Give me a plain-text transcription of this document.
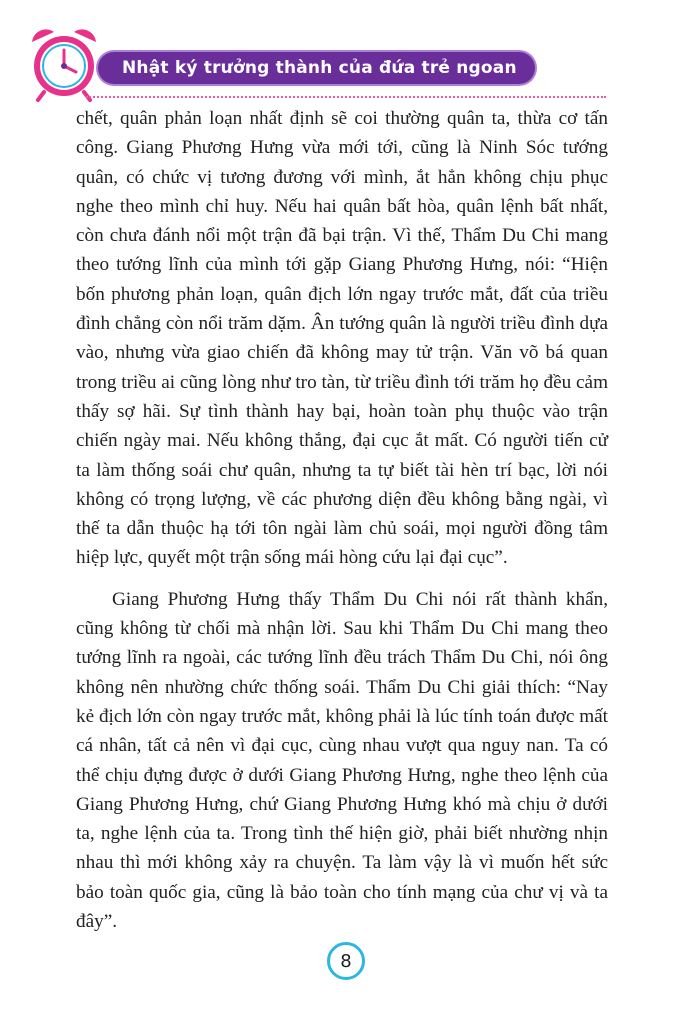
Nhật ký trưởng thành của đứa trẻ ngoan

chết, quân phản loạn nhất định sẽ coi thường quân ta, thừa cơ tấn công. Giang Phương Hưng vừa mới tới, cũng là Ninh Sóc tướng quân, có chức vị tương đương với mình, ắt hẳn không chịu phục nghe theo mình chỉ huy. Nếu hai quân bất hòa, quân lệnh bất nhất, còn chưa đánh nổi một trận đã bại trận. Vì thế, Thẩm Du Chi mang theo tướng lĩnh của mình tới gặp Giang Phương Hưng, nói: “Hiện bốn phương phản loạn, quân địch lớn ngay trước mắt, đất của triều đình chẳng còn nổi trăm dặm. Ân tướng quân là người triều đình dựa vào, nhưng vừa giao chiến đã không may tử trận. Văn võ bá quan trong triều ai cũng lòng như tro tàn, từ triều đình tới trăm họ đều cảm thấy sợ hãi. Sự tình thành hay bại, hoàn toàn phụ thuộc vào trận chiến ngày mai. Nếu không thắng, đại cục ắt mất. Có người tiến cử ta làm thống soái chư quân, nhưng ta tự biết tài hèn trí bạc, lời nói không có trọng lượng, về các phương diện đều không bằng ngài, vì thế ta dẫn thuộc hạ tới tôn ngài làm chủ soái, mọi người đồng tâm hiệp lực, quyết một trận sống mái hòng cứu lại đại cục”.

Giang Phương Hưng thấy Thẩm Du Chi nói rất thành khẩn, cũng không từ chối mà nhận lời. Sau khi Thẩm Du Chi mang theo tướng lĩnh ra ngoài, các tướng lĩnh đều trách Thẩm Du Chi, nói ông không nên nhường chức thống soái. Thẩm Du Chi giải thích: “Nay kẻ địch lớn còn ngay trước mắt, không phải là lúc tính toán được mất cá nhân, tất cả nên vì đại cục, cùng nhau vượt qua nguy nan. Ta có thể chịu đựng được ở dưới Giang Phương Hưng, nghe theo lệnh của Giang Phương Hưng, chứ Giang Phương Hưng khó mà chịu ở dưới ta, nghe lệnh của ta. Trong tình thế hiện giờ, phải biết nhường nhịn nhau thì mới không xảy ra chuyện. Ta làm vậy là vì muốn hết sức bảo toàn quốc gia, cũng là bảo toàn cho tính mạng của chư vị và ta đây”.

8
